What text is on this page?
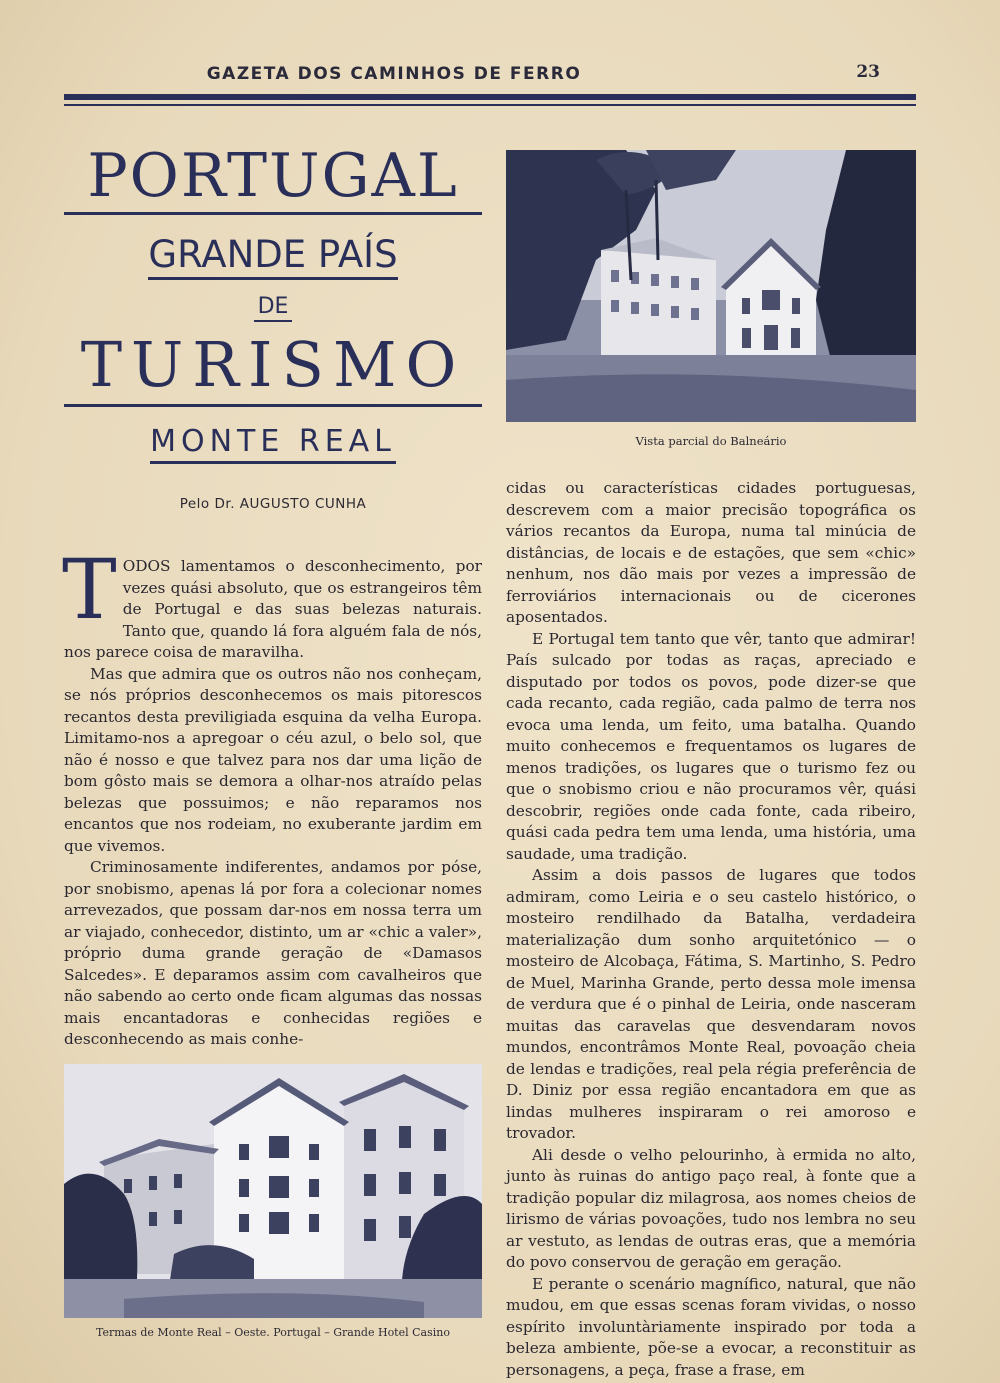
GAZETA DOS CAMINHOS DE FERRO	23
PORTUGAL
GRANDE PAÍS
DE
TURISMO
MONTE REAL
Pelo Dr. AUGUSTO CUNHA

TODOS lamentamos o desconhecimento, por vezes quási absoluto, que os estrangeiros têm de Portugal e das suas belezas naturais. Tanto que, quando lá fora alguém fala de nós, nos parece coisa de maravilha.

Mas que admira que os outros não nos conheçam, se nós próprios desconhecemos os mais pitorescos recantos desta previligiada esquina da velha Europa. Limitamo-nos a apregoar o céu azul, o belo sol, que não é nosso e que talvez para nos dar uma lição de bom gôsto mais se demora a olhar-nos atraído pelas belezas que possuimos; e não reparamos nos encantos que nos rodeiam, no exuberante jardim em que vivemos.

Criminosamente indiferentes, andamos por póse, por snobismo, apenas lá por fora a colecionar nomes arrevezados, que possam dar-nos em nossa terra um ar viajado, conhecedor, distinto, um ar «chic a valer», próprio duma grande geração de «Damasos Salcedes». E deparamos assim com cavalheiros que não sabendo ao certo onde ficam algumas das nossas mais encantadoras e conhecidas regiões e desconhecendo as mais conhe-

cidas ou características cidades portuguesas, descrevem com a maior precisão topográfica os vários recantos da Europa, numa tal minúcia de distâncias, de locais e de estações, que sem «chic» nenhum, nos dão mais por vezes a impressão de ferroviários internacionais ou de cicerones aposentados.

E Portugal tem tanto que vêr, tanto que admirar! País sulcado por todas as raças, apreciado e disputado por todos os povos, pode dizer-se que cada recanto, cada região, cada palmo de terra nos evoca uma lenda, um feito, uma batalha. Quando muito conhecemos e frequentamos os lugares de menos tradições, os lugares que o turismo fez ou que o snobismo criou e não procuramos vêr, quási descobrir, regiões onde cada fonte, cada ribeiro, quási cada pedra tem uma lenda, uma história, uma saudade, uma tradição.

Assim a dois passos de lugares que todos admiram, como Leiria e o seu castelo histórico, o mosteiro rendilhado da Batalha, verdadeira materialização dum sonho arquitetónico — o mosteiro de Alcobaça, Fátima, S. Martinho, S. Pedro de Muel, Marinha Grande, perto dessa mole imensa de verdura que é o pinhal de Leiria, onde nasceram muitas das caravelas que desvendaram novos mundos, encontrâmos Monte Real, povoação cheia de lendas e tradições, real pela régia preferência de D. Diniz por essa região encantadora em que as lindas mulheres inspiraram o rei amoroso e trovador.

Ali desde o velho pelourinho, à ermida no alto, junto às ruinas do antigo paço real, à fonte que a tradição popular diz milagrosa, aos nomes cheios de lirismo de várias povoações, tudo nos lembra no seu ar vestuto, as lendas de outras eras, que a memória do povo conservou de geração em geração.

E perante o scenário magnífico, natural, que não mudou, em que essas scenas foram vividas, o nosso espírito involuntàriamente inspirado por toda a beleza ambiente, põe-se a evocar, a reconstituir as personagens, a peça, frase a frase, em

Vista parcial do Balneário
Termas de Monte Real – Oeste. Portugal – Grande Hotel Casino
